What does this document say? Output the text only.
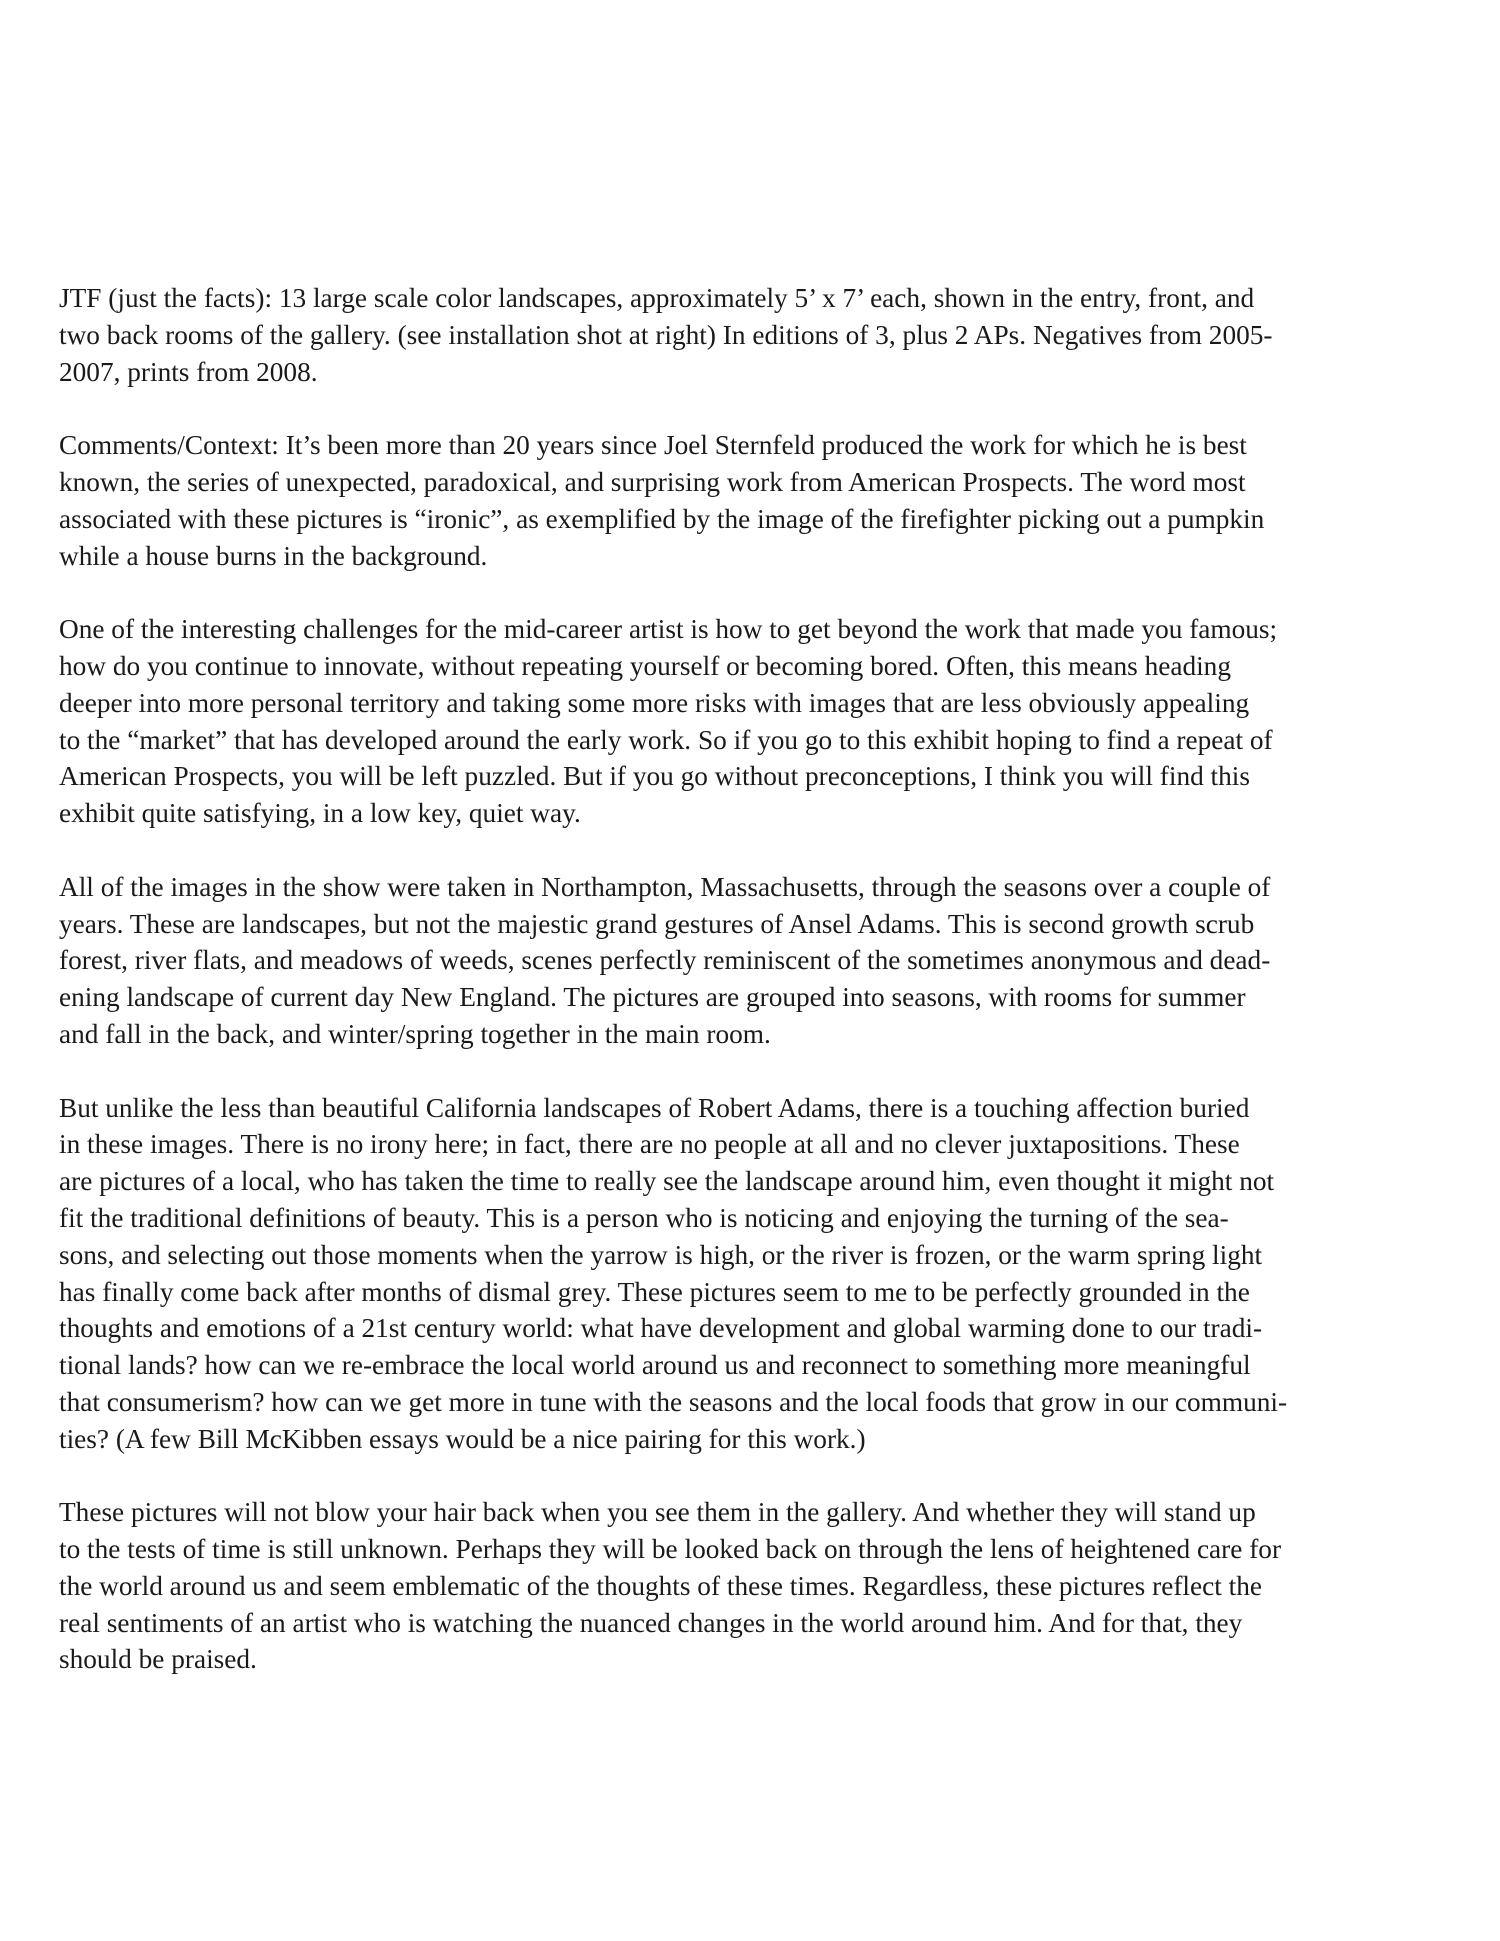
JTF (just the facts): 13 large scale color landscapes, approximately 5’ x 7’ each, shown in the entry, front, and
two back rooms of the gallery. (see installation shot at right) In editions of 3, plus 2 APs. Negatives from 2005-
2007, prints from 2008.

Comments/Context: It’s been more than 20 years since Joel Sternfeld produced the work for which he is best
known, the series of unexpected, paradoxical, and surprising work from American Prospects. The word most
associated with these pictures is “ironic”, as exemplified by the image of the firefighter picking out a pumpkin
while a house burns in the background.

One of the interesting challenges for the mid-career artist is how to get beyond the work that made you famous;
how do you continue to innovate, without repeating yourself or becoming bored. Often, this means heading
deeper into more personal territory and taking some more risks with images that are less obviously appealing
to the “market” that has developed around the early work. So if you go to this exhibit hoping to find a repeat of
American Prospects, you will be left puzzled. But if you go without preconceptions, I think you will find this
exhibit quite satisfying, in a low key, quiet way.

All of the images in the show were taken in Northampton, Massachusetts, through the seasons over a couple of
years. These are landscapes, but not the majestic grand gestures of Ansel Adams. This is second growth scrub
forest, river flats, and meadows of weeds, scenes perfectly reminiscent of the sometimes anonymous and dead-
ening landscape of current day New England. The pictures are grouped into seasons, with rooms for summer
and fall in the back, and winter/spring together in the main room.

But unlike the less than beautiful California landscapes of Robert Adams, there is a touching affection buried
in these images. There is no irony here; in fact, there are no people at all and no clever juxtapositions. These
are pictures of a local, who has taken the time to really see the landscape around him, even thought it might not
fit the traditional definitions of beauty. This is a person who is noticing and enjoying the turning of the sea-
sons, and selecting out those moments when the yarrow is high, or the river is frozen, or the warm spring light
has finally come back after months of dismal grey. These pictures seem to me to be perfectly grounded in the
thoughts and emotions of a 21st century world: what have development and global warming done to our tradi-
tional lands? how can we re-embrace the local world around us and reconnect to something more meaningful
that consumerism? how can we get more in tune with the seasons and the local foods that grow in our communi-
ties? (A few Bill McKibben essays would be a nice pairing for this work.)

These pictures will not blow your hair back when you see them in the gallery. And whether they will stand up
to the tests of time is still unknown. Perhaps they will be looked back on through the lens of heightened care for
the world around us and seem emblematic of the thoughts of these times. Regardless, these pictures reflect the
real sentiments of an artist who is watching the nuanced changes in the world around him. And for that, they
should be praised.
